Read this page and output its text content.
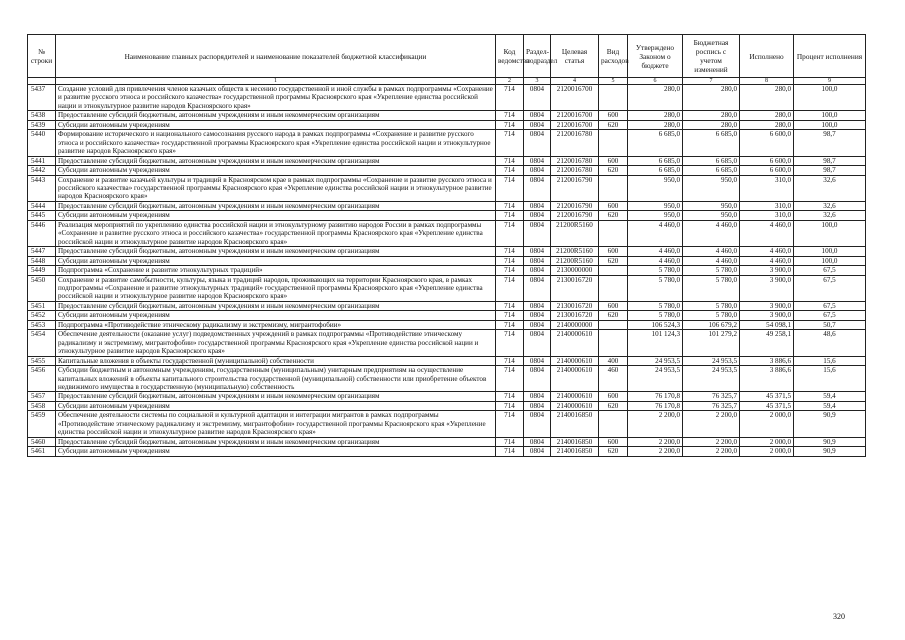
№ строки	Наименование главных распорядителей и наименование показателей бюджетной классификации	Код ведомства	Раздел-подраздел	Целевая статья	Вид расходов	Утверждено Законом о бюджете	Бюджетная роспись с учетом изменений	Исполнено	Процент исполнения
	1	2	3	4	5	6	7	8	9
5437	Создание условий для привлечения членов казачьих обществ к несению государственной и иной службы в рамках подпрограммы «Сохранение и развитие русского этноса и российского казачества» государственной программы Красноярского края «Укрепление единства российской нации и этнокультурное развитие народов Красноярского края»	714	0804	2120016700		280,0	280,0	280,0	100,0
5438	Предоставление субсидий бюджетным, автономным учреждениям и иным некоммерческим организациям	714	0804	2120016700	600	280,0	280,0	280,0	100,0
5439	Субсидии автономным учреждениям	714	0804	2120016700	620	280,0	280,0	280,0	100,0
5440	Формирование исторического и национального самосознания русского народа в рамках подпрограммы «Сохранение и развитие русского этноса и российского казачества» государственной программы Красноярского края «Укрепление единства российской нации и этнокультурное развитие народов Красноярского края»	714	0804	2120016780		6 685,0	6 685,0	6 600,0	98,7
5441	Предоставление субсидий бюджетным, автономным учреждениям и иным некоммерческим организациям	714	0804	2120016780	600	6 685,0	6 685,0	6 600,0	98,7
5442	Субсидии автономным учреждениям	714	0804	2120016780	620	6 685,0	6 685,0	6 600,0	98,7
5443	Сохранение и развитие казачьей культуры и традиций в Красноярском крае в рамках подпрограммы «Сохранение и развитие русского этноса и российского казачества» государственной программы Красноярского края «Укрепление единства российской нации и этнокультурное развитие народов Красноярского края»	714	0804	2120016790		950,0	950,0	310,0	32,6
5444	Предоставление субсидий бюджетным, автономным учреждениям и иным некоммерческим организациям	714	0804	2120016790	600	950,0	950,0	310,0	32,6
5445	Субсидии автономным учреждениям	714	0804	2120016790	620	950,0	950,0	310,0	32,6
5446	Реализация мероприятий по укреплению единства российской нации и этнокультурному развитию народов России в рамках подпрограммы «Сохранение и развитие русского этноса и российского казачества» государственной программы Красноярского края «Укрепление единства российской нации и этнокультурное развитие народов Красноярского края»	714	0804	21200R5160		4 460,0	4 460,0	4 460,0	100,0
5447	Предоставление субсидий бюджетным, автономным учреждениям и иным некоммерческим организациям	714	0804	21200R5160	600	4 460,0	4 460,0	4 460,0	100,0
5448	Субсидии автономным учреждениям	714	0804	21200R5160	620	4 460,0	4 460,0	4 460,0	100,0
5449	Подпрограмма «Сохранение и развитие этнокультурных традиций»	714	0804	2130000000		5 780,0	5 780,0	3 900,0	67,5
5450	Сохранение и развитие самобытности, культуры, языка и традиций народов, проживающих на территории Красноярского края, в рамках подпрограммы «Сохранение и развитие этнокультурных традиций» государственной программы Красноярского края «Укрепление единства российской нации и этнокультурное развитие народов Красноярского края»	714	0804	2130016720		5 780,0	5 780,0	3 900,0	67,5
5451	Предоставление субсидий бюджетным, автономным учреждениям и иным некоммерческим организациям	714	0804	2130016720	600	5 780,0	5 780,0	3 900,0	67,5
5452	Субсидии автономным учреждениям	714	0804	2130016720	620	5 780,0	5 780,0	3 900,0	67,5
5453	Подпрограмма «Противодействие этническому радикализму и экстремизму, мигрантофобии»	714	0804	2140000000		106 524,3	106 679,2	54 098,1	50,7
5454	Обеспечение деятельности (оказание услуг) подведомственных учреждений в рамках подпрограммы «Противодействие этническому радикализму и экстремизму, мигрантофобии» государственной программы Красноярского края «Укрепление единства российской нации и этнокультурное развитие народов Красноярского края»	714	0804	2140000610		101 124,3	101 279,2	49 258,1	48,6
5455	Капитальные вложения в объекты государственной (муниципальной) собственности	714	0804	2140000610	400	24 953,5	24 953,5	3 886,6	15,6
5456	Субсидии бюджетным и автономным учреждениям, государственным (муниципальным) унитарным предприятиям на осуществление капитальных вложений в объекты капитального строительства государственной (муниципальной) собственности или приобретение объектов недвижимого имущества в государственную (муниципальную) собственность	714	0804	2140000610	460	24 953,5	24 953,5	3 886,6	15,6
5457	Предоставление субсидий бюджетным, автономным учреждениям и иным некоммерческим организациям	714	0804	2140000610	600	76 170,8	76 325,7	45 371,5	59,4
5458	Субсидии автономным учреждениям	714	0804	2140000610	620	76 170,8	76 325,7	45 371,5	59,4
5459	Обеспечение деятельности системы по социальной и культурной адаптации и интеграции мигрантов в рамках подпрограммы «Противодействие этническому радикализму и экстремизму, мигрантофобии» государственной программы Красноярского края «Укрепление единства российской нации и этнокультурное развитие народов Красноярского края»	714	0804	2140016850		2 200,0	2 200,0	2 000,0	90,9
5460	Предоставление субсидий бюджетным, автономным учреждениям и иным некоммерческим организациям	714	0804	2140016850	600	2 200,0	2 200,0	2 000,0	90,9
5461	Субсидии автономным учреждениям	714	0804	2140016850	620	2 200,0	2 200,0	2 000,0	90,9
320
